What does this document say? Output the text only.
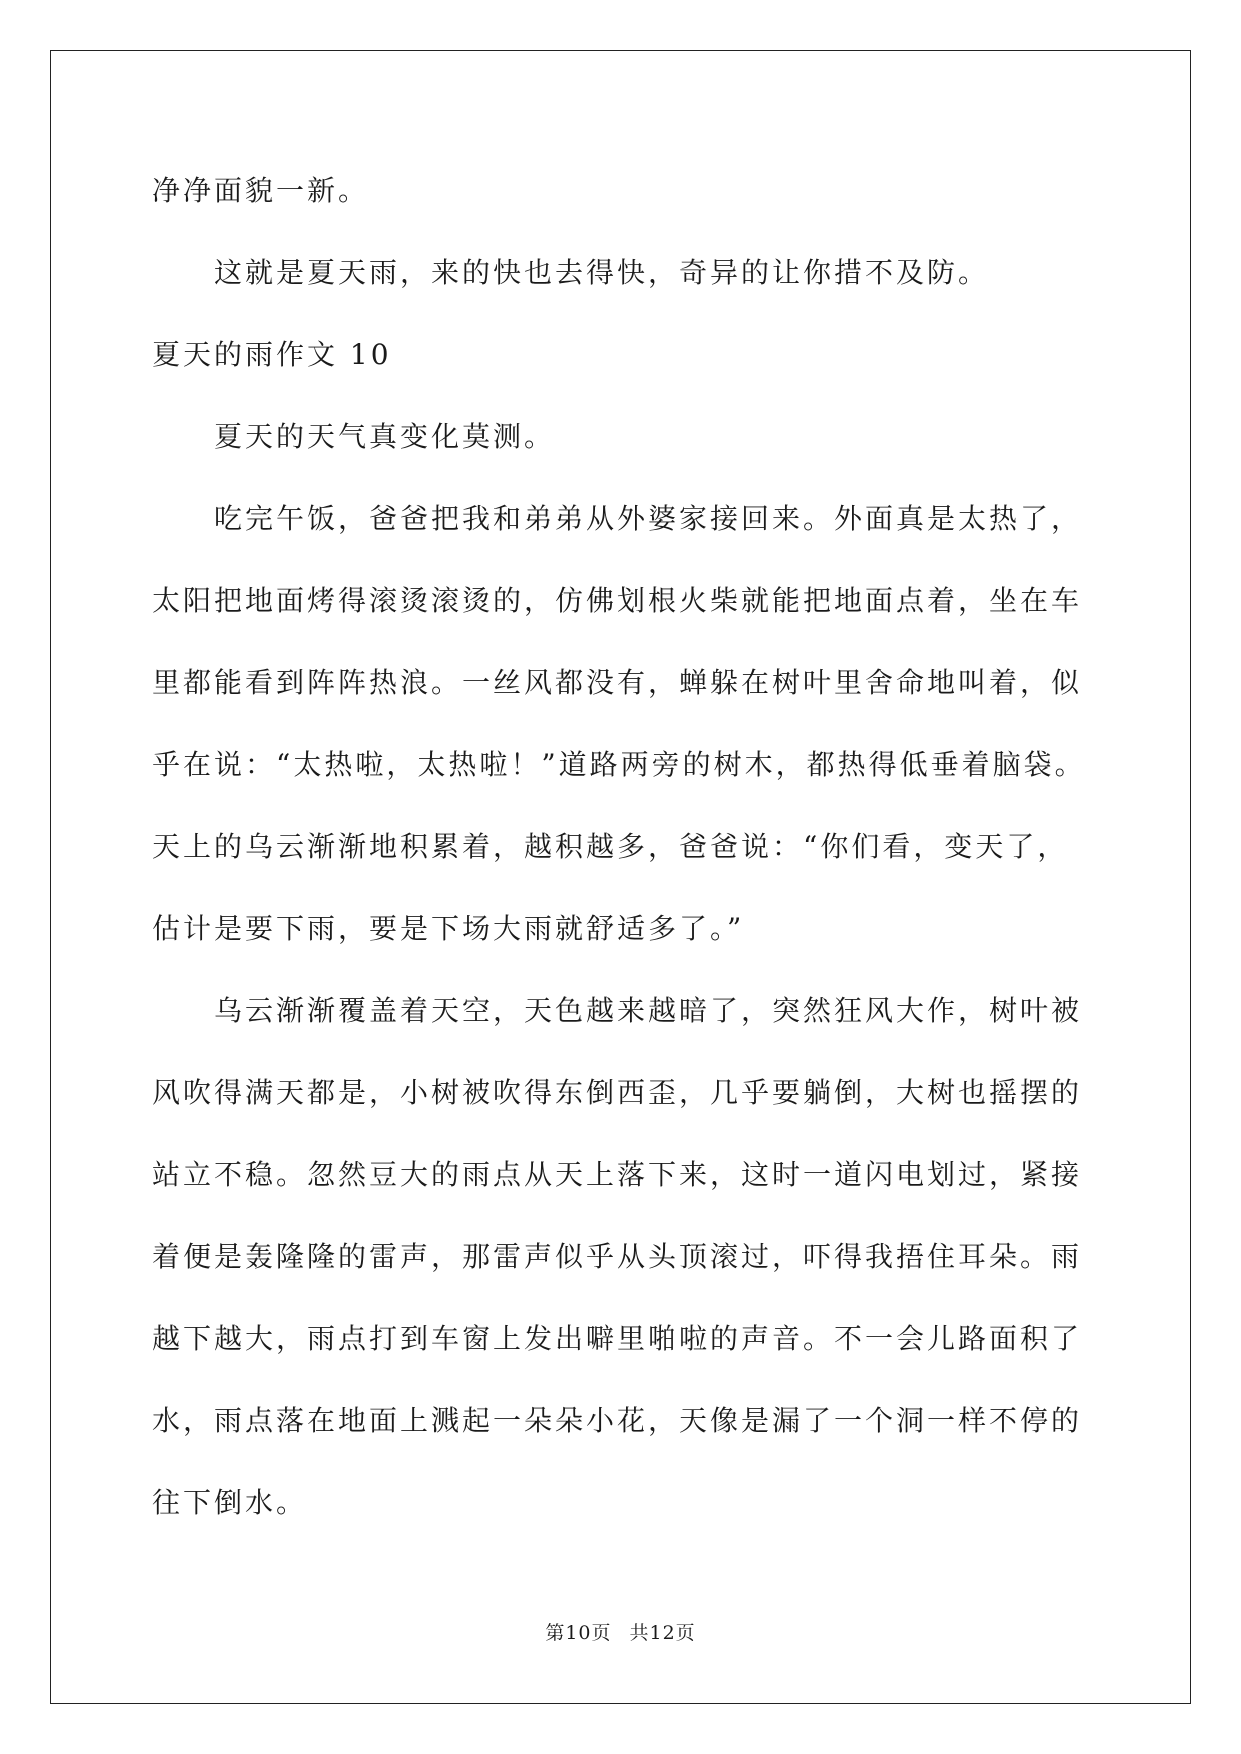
净净面貌一新。
这就是夏天雨，来的快也去得快，奇异的让你措不及防。
夏天的雨作文 10
夏天的天气真变化莫测。
吃完午饭，爸爸把我和弟弟从外婆家接回来。外面真是太热了，
太阳把地面烤得滚烫滚烫的，仿佛划根火柴就能把地面点着，坐在车
里都能看到阵阵热浪。一丝风都没有，蝉躲在树叶里舍命地叫着，似
乎在说：“太热啦，太热啦！”道路两旁的树木，都热得低垂着脑袋。
天上的乌云渐渐地积累着，越积越多，爸爸说：“你们看，变天了，
估计是要下雨，要是下场大雨就舒适多了。”
乌云渐渐覆盖着天空，天色越来越暗了，突然狂风大作，树叶被
风吹得满天都是，小树被吹得东倒西歪，几乎要躺倒，大树也摇摆的
站立不稳。忽然豆大的雨点从天上落下来，这时一道闪电划过，紧接
着便是轰隆隆的雷声，那雷声似乎从头顶滚过，吓得我捂住耳朵。雨
越下越大，雨点打到车窗上发出噼里啪啦的声音。不一会儿路面积了
水，雨点落在地面上溅起一朵朵小花，天像是漏了一个洞一样不停的
往下倒水。
第10页 共12页
